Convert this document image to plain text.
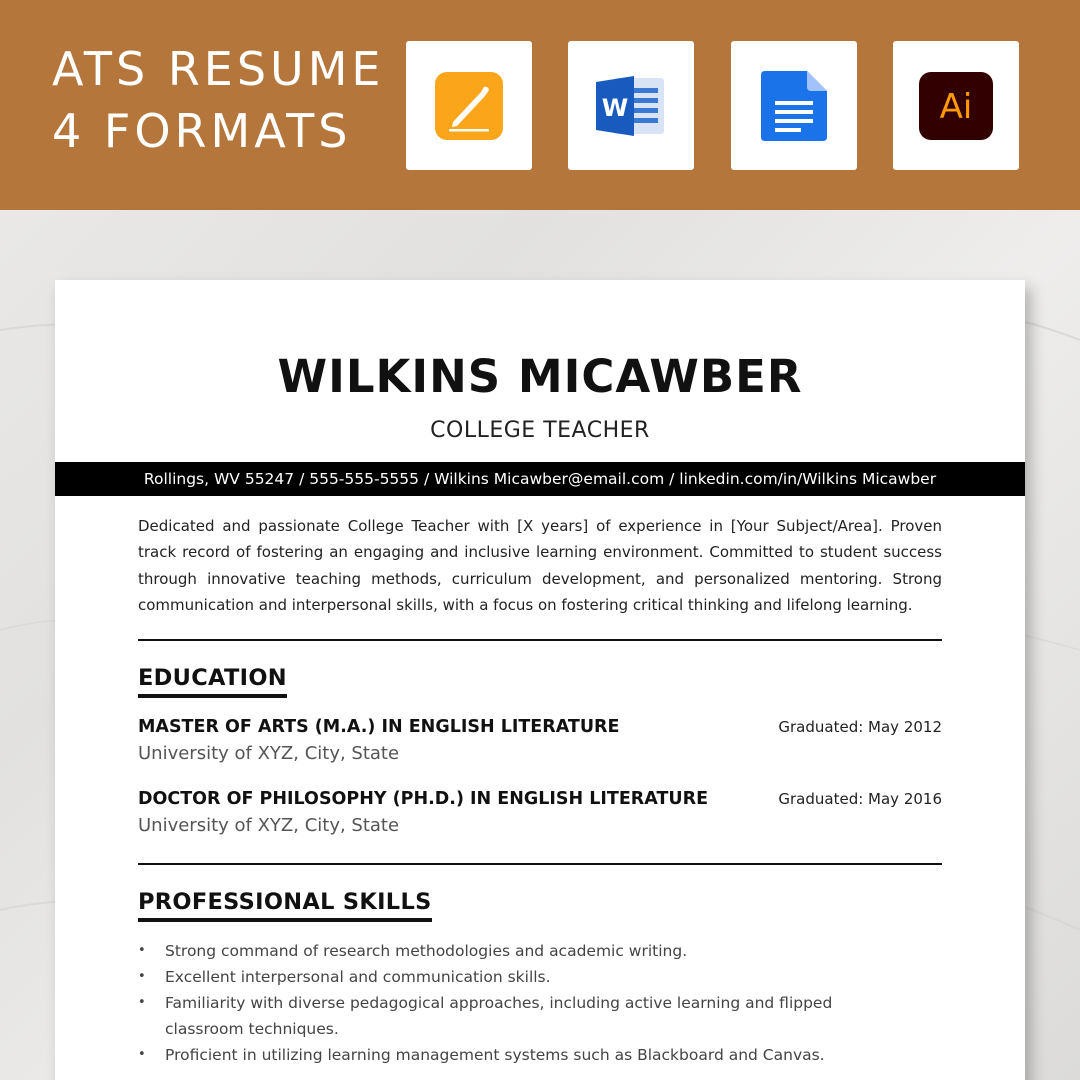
ATS RESUME
4 FORMATS	W	Ai
WILKINS MICAWBER
COLLEGE TEACHER
Rollings, WV 55247 / 555-555-5555 / Wilkins Micawber@email.com / linkedin.com/in/Wilkins Micawber

Dedicated and passionate College Teacher with [X years] of experience in [Your Subject/Area]. Proven track record of fostering an engaging and inclusive learning environment. Committed to student success through innovative teaching methods, curriculum development, and personalized mentoring. Strong communication and interpersonal skills, with a focus on fostering critical thinking and lifelong learning.

EDUCATION
MASTER OF ARTS (M.A.) IN ENGLISH LITERATURE	Graduated: May 2012
University of XYZ, City, State
DOCTOR OF PHILOSOPHY (PH.D.) IN ENGLISH LITERATURE	Graduated: May 2016
University of XYZ, City, State
PROFESSIONAL SKILLS
• Strong command of research methodologies and academic writing.
• Excellent interpersonal and communication skills.
• Familiarity with diverse pedagogical approaches, including active learning and flipped classroom techniques.
• Proficient in utilizing learning management systems such as Blackboard and Canvas.
